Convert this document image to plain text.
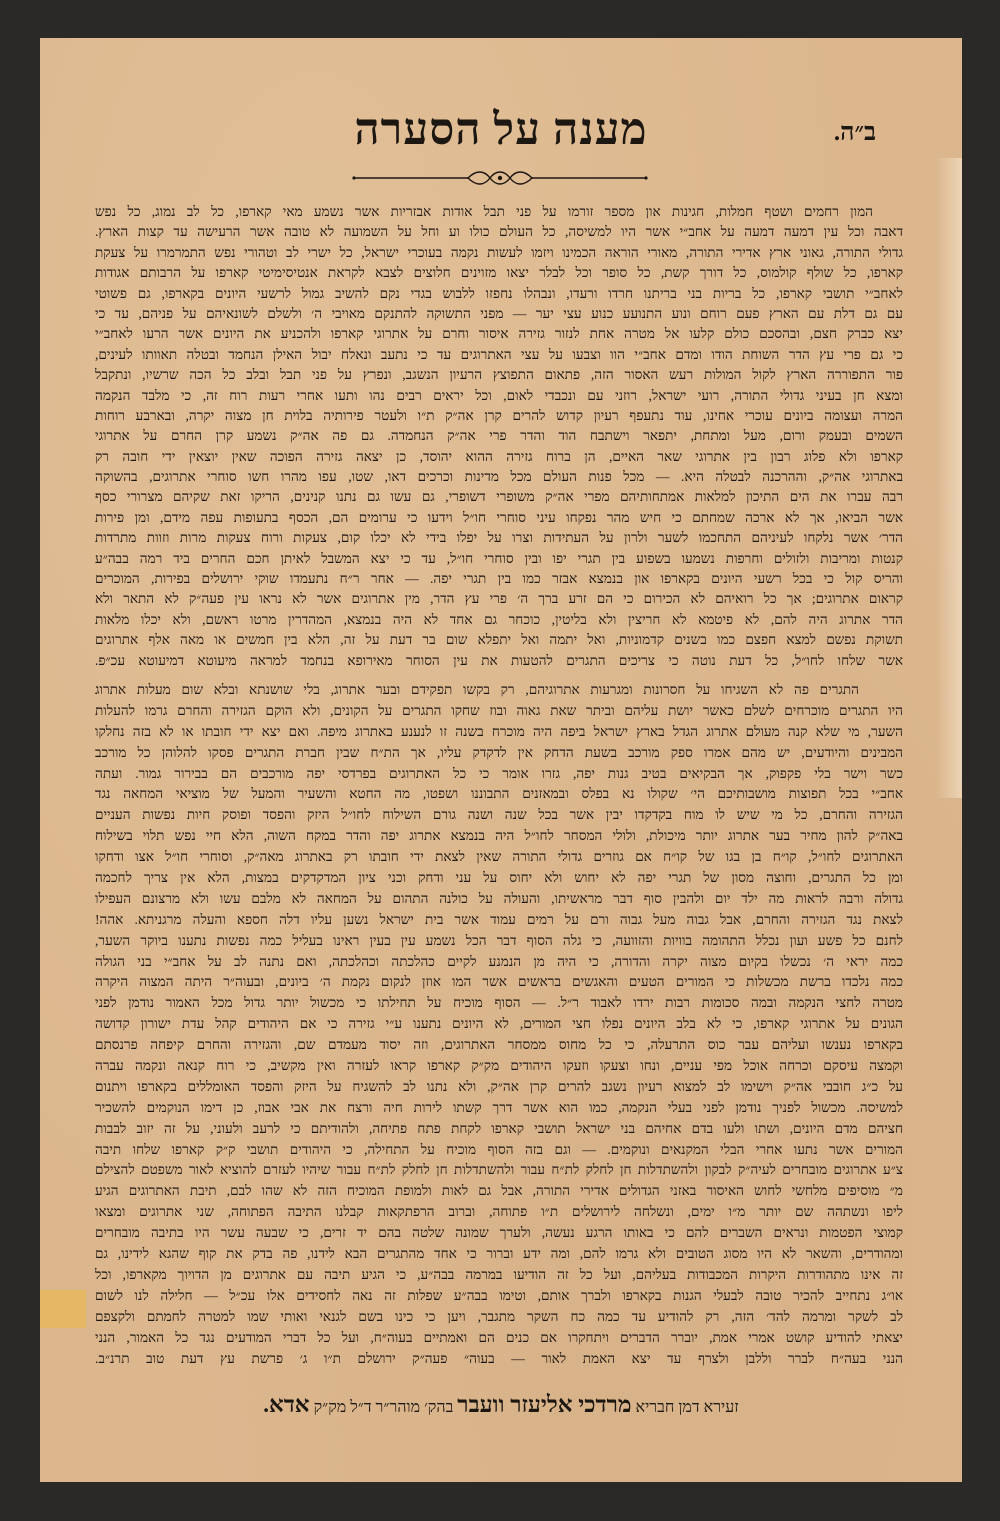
ב״ה.
מענה על הסערה
המון רחמים ושטף חמלות, חגינות און מספר זורמו על פני תבל אודות אבזריות אשר נשמע מאי קארפו, כל לב נמוג, כל נפש
דאבה וכל עין דמעה דמעה על אחב״י אשר היו למשיסה, כל העולם כולו וע וחל על השמועה לא טובה אשר הרעישה עד קצות הארץ.
גדולי התורה, גאוני ארץ אדירי התורה, מאורי הוראה הכמינו ויזמו לעשות נקמה בעוכרי ישראל, כל ישרי לב וטהורי נפש התמרמרו על צעקת
קארפו, כל שולף קולמוס, כל דורך קשת, כל סופר וכל לבלר יצאו מזוינים חלוצים לצבא לקראת אנטיסימיטי קארפו על הרבותם אגודות
לאחב״י תושבי קארפו, כל בריות בני בריתנו חרדו ורעדו, ונבהלו נחפזו ללבוש בגדי נקם להשיב גמול לרשעי היונים בקארפו, גם פשוטי
עם גם דלת עם הארץ פעם רוחם ונוע התנועע כנוע עצי יער — מפני התשוקה להתנקם מאויבי ה׳ ולשלם לשונאיהם על פניהם, עד כי
יצא כברק חצם, ובהסכם כולם קלעו אל מטרה אחת לנזור גזירה איסור וחרם על אתרוגי קארפו ולהכניע את היונים אשר הרעו לאחב״י
כי גם פרי עץ הדר השוחת הודו ומדם אחב״י הוו וצבעו על עצי האתרוגים עד כי נתעב ונאלח יבול האילן הנחמד ובטלה תאוותו לעינים,
פור התפוררה הארץ לקול המולות רעש האסור הזה, פתאום התפוצץ הרעיון הנשגב, ונפרץ על פני תבל ובלב כל הכה שרשיו, ונתקבל
ומצא חן בעיני גדולי התורה, רועי ישראל, רוזני עם ונכבדי לאום, וכל יראים רבים נהו ותעו אחרי רעות רוח זה, כי מלבד הנקמה
המרה ועצומה ביונים עוכרי אחינו, עוד נתעפף רעיון קדוש להרים קרן אה״ק ת״ו ולעטר פירותיה בלוית חן מצוה יקרה, ובארבע רוחות
השמים ובעמק ורום, מעל ומתחת, יתפאר וישתבח הוד והדר פרי אה״ק הנחמדה. גם פה אה״ק נשמע קרן החרם על אתרוגי
קארפו ולא פלוג רבון בין אתרוגי שאר האיים, הן ברוח גזירה ההוא יהוסד, כן יצאה גזירה הפוכה שאין יוצאין ידי חובה רק
באתרוגי אה״ק, וההרכנה לבטלה היא. — מכל פנות העולם מכל מדינות וכרכים דאו, שטו, עפו מהרו חשו סוחרי אתרוגים, בהשוקה
רבה עברו את הים התיכון למלאות אמתחותיהם מפרי אה״ק משופרי דשופרי, גם עשו גם נתנו קנינים, הריקו זאת שקיהם מצרורי כסף
אשר הביאו, אך לא ארכה שמחתם כי חיש מהר נפקחו עיני סוחרי חו״ל וידעו כי ערומים הם, הכסף בתעופות עפה מידם, ומן פירות
הדר׳ אשר נלקחו לעיניהם התחכמו לשער ולרון על העתידות וצרו על יפלו בידי לא יכלו קום, צעקות ורוח צעקות מרות וזוות מתרדות
קנטות ומריבות ולזולים וחרפות נשמעו בשפוע בין תגרי יפו ובין סוחרי חו״ל, עד כי יצא המשבל לאיתן חכם החרים ביד רמה בבה״ע
והריס קול כי בכל רשעי היונים בקארפו און בנמצא אבזר כמו בין תגרי יפה. — אחר ר״ח נתעמדו שוקי ירושלים בפירות, המוכרים
קראום אתרוגים; אך כל רואיהם לא הכירום כי הם זרע ברך ה׳ פרי עץ הדר, מין אתרוגים אשר לא נראו עין פעה״ק לא התאר ולא
הדר אתרוג היה להם, לא פיטמא לא חריצין ולא בליטין, כוכחר גם אחד לא היה בנמצא, המהדרין מרטו ראשם, ולא יכלו מלאות
תשוקת נפשם למצא חפצם כמו בשנים קדמוניות, ואל יתמה ואל יתפלא שום בר דעת על זה, הלא בין חמשים או מאה אלף אתרוגים
אשר שלחו לחו״ל, כל דעת נוטה כי צריכים התגרים להטעות את עין הסוחר מאירופא בנחמד למראה מיעוטא דמיעוטא עכ״פ.
התגרים פה לא השגיחו על חסרונות ומגרעות אתרוגיהם, רק בקשו תפקידם ובער אתרוג, בלי שושנתא ובלא שום מעלות אתרוג
היו התגרים מוכרחים לשלם כאשר יושת עליהם וביתר שאת גאוה ובוז שחקו התגרים על הקונים, ולא הוקם הגזירה והחרם גרמו להעלות
השער, מי שלא קנה מעולם אתרוג הגדל בארץ ישראל ביפה היה מוכרח בשנה זו לנענע באתרוג מיפה. ואם יצא ידי חובתו או לא בזה נחלקו
המבינים והיודעים, יש מהם אמרו ספק מורכב בשעת הדחק אין לדקדק עליו, אך הת״ח שבין חברת התגרים פסקו להלוהן כל מורכב
כשר וישר בלי פקפוק, אך הבקיאים בטיב גנות יפה, גזרו אומר כי כל האתרוגים בפרדסי יפה מורכבים הם בבירור גמור. ועתה
אחב״י בכל תפוצות מושבותיכם הי׳ שקולו נא בפלס ובמאזנים התבוננו ושפטו, מה החטא והשעיר והמעל של מוציאי המחאה נגד
הגזירה והחרם, כל מי שיש לו מוח בקדקדו יבין אשר בכל שנה ושנה גורם השילוח לחו״ל היזק והפסד ופוסק חיות נפשות העניים
באה״ק להון מחיר בער אתרוג יותר מיכולת, ולולי המסחר לחו״ל היה בנמצא אתרוג יפה והדר במקח השוה, הלא חיי נפש תלוי בשילוח
האתרוגים לחו״ל, קו״ח בן בגו של קו״ח אם גוזרים גדולי התורה שאין לצאת ידי חובתו רק באתרוג מאה״ק, וסוחרי חו״ל אצו ודחקו
ומן כל התגרים, וחוצה מסון של תגרי יפה לא יחוש ולא יחוס על עני ודחק וכני ציון המדקדקים במצות, הלא אין צריך לחכמה
גדולה ורבה לראות מה ילד יום ולהבין סוף דבר מראשיתו, והעולה על כולנה התהום על המחאה לא מלבם עשו ולא מרצונם העפילו
לצאת נגד הגזירה והחרם, אבל גבוה מעל גבוה ורם על רמים עמוד אשר בית ישראל נשען עליו דלה חספא והעלה מרגניתא. אהה!
לחנם כל פשע ועון נכלל התהומה בוויות והזוועה, כי גלה הסוף דבר הכל נשמע עין בעין ראינו בעליל כמה נפשות נתענו ביוקר השער,
כמה יראי ה׳ נכשלו בקיום מצוה יקרה והדורה, כי היה מן הנמנע לקיים כהלכתה וכהלכתה, ואם נתנה לב על אחב״י בני הגולה
כמה נלכדו ברשת מכשלות כי המורים הטעים והאגשים בראשים אשר המו אוזן לנקום נקמת ה׳ ביונים, ובעוה״ר היתה המצוה היקרה
מטרה לחצי הנקמה ובמה סכומות רבות ירדו לאבוד ר״ל. — הסוף מוכיח על תחילתו כי מכשול יותר גדול מכל האמור נודמן לפני
הגונים על אתרוגי קארפו, כי לא בלב היונים נפלו חצי המורים, לא היונים נתענו ע״י גזירה כי אם היהודים קהל עדת ישורון קדושה
בקארפו נענשו ועליהם עבר כוס התרעלה, כי כל מחוס ממסחר האתרוגים, וזה יסוד מעמדם שם, והגזירה והחרם קיפחה פרנסתם
וקמצה עיסקם וכרחה אוכל מפי עניים, ונחו וצעקו וזעקו היהודים מק״ק קארפו קראו לעזרה ואין מקשיב, כי רוח קנאה ונקמה עברה
על כ״ג חובבי אה״ק וישימו לב למצוא רעיון נשגב להרים קרן אה״ק, ולא נתנו לב להשגיח על היזק והפסד האומללים בקארפו ויתנום
למשיסה. מכשול לפניך נודמן לפני בעלי הנקמה, כמו הוא אשר דרך קשתו לירות חיה ורצח את אבי אבוז, כן דימו הנוקמים להשכיר
חציהם מדם היונים, ושתו ולעו בדם אחיהם בני ישראל תושבי קארפו לקחת פתח פתיחה, ולהודיתם כי לרעב ולעוני, על זה יזוב לבבות
המורים אשר נתעו אחרי הבלי המקנאים ונוקמים. — וגם בזה הסוף מוכיח על התחילה, כי היהודים תושבי ק״ק קארפו שלחו תיבה
צ״ע אתרוגים מובחרים לעיה״ק לבקון ולהשתדלות חן לחלק לת״ח עבור ולהשתדלות חן לחלק לת״ח עבור שיהיו לעזרם להוציא לאור משפטם להצילם
מ״ מוסיפים מלחשי לחוש האיסור באזני הגדולים אדירי התורה, אבל גם לאות ולמופת המוכיח הזה לא שהו לבם, תיבת האתרוגים הגיע
ליפו ונשתהה שם יותר מ״ו ימים, ונשלחה לירושלים ת״ו פתוחה, וברוב הרפתקאות קבלנו התיבה הפתוחה, שני אתרוגים ומצאו
קמוצי הפטמות ונראים השברים להם כי באותו הרגע נעשה, ולערך שמונה שלטה בהם יד זרים, כי שבעה עשר היו בתיבה מובחרים
ומהודרים, והשאר לא היו מסוג הטובים ולא גרמו להם, ומה ידע וברור כי אחד מהתגרים הבא לידנו, פה בדק את קוף שהגא לידינו, גם
זה אינו מתהודרות היקרות המכבודות בעליהם, ועל כל זה הודיעו במרמה בבה״ע, כי הגיע תיבה עם אתרוגים מן הדויוך מקארפו, וכל
או״ג נתחייב להכיר טובה לבעלי הגנות בקארפו ולברך אותם, וטימו בבה״ע שפלות זה נאה לחסידים אלו עכ״ל — חלילה לנו לשום
לב לשקר ומרמה להד׳ הזה, רק להודיע עד כמה כח השקר מתגבר, ויען כי כינו בשם לגנאי ואותי שמו למטרה לחמתם ולקצפם
יצאתי להודיע קושט אמרי אמת, יוברר הדברים ויתחקרו אם כנים הם ואמתיים בעוה״ח, ועל כל דברי המודעים נגד כל האמור, הנני
הנני בעה״ח לברר וללבן ולצרף עד יצא האמת לאור — בעוה״ פעה״ק ירושלם ת״ו ג׳ פרשת עץ דעת טוב תרנ״ב.
זעירא דמן חבריא מרדכי אליעזר וועבר בהק׳ מוהר״ר ד״ל מק״ק אדא.
